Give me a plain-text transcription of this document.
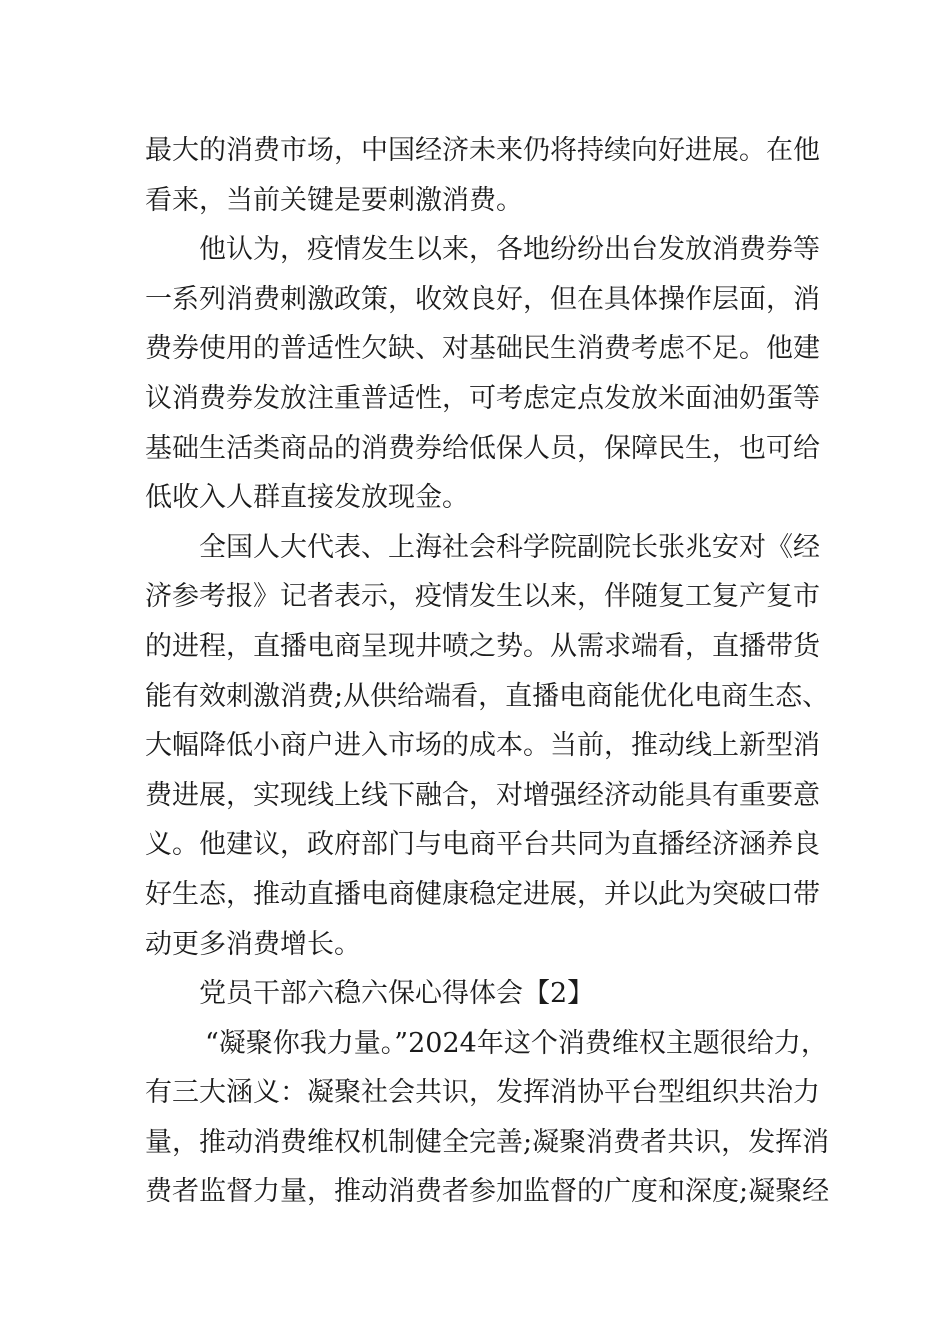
最大的消费市场，中国经济未来仍将持续向好进展。在他
看来，当前关键是要刺激消费。
他认为，疫情发生以来，各地纷纷出台发放消费券等
一系列消费刺激政策，收效良好，但在具体操作层面，消
费券使用的普适性欠缺、对基础民生消费考虑不足。他建
议消费券发放注重普适性，可考虑定点发放米面油奶蛋等
基础生活类商品的消费券给低保人员，保障民生，也可给
低收入人群直接发放现金。
全国人大代表、上海社会科学院副院长张兆安对《经
济参考报》记者表示，疫情发生以来，伴随复工复产复市
的进程，直播电商呈现井喷之势。从需求端看，直播带货
能有效刺激消费;从供给端看，直播电商能优化电商生态、
大幅降低小商户进入市场的成本。当前，推动线上新型消
费进展，实现线上线下融合，对增强经济动能具有重要意
义。他建议，政府部门与电商平台共同为直播经济涵养良
好生态，推动直播电商健康稳定进展，并以此为突破口带
动更多消费增长。
党员干部六稳六保心得体会【2】
“凝聚你我力量。”2024年这个消费维权主题很给力，
有三大涵义：凝聚社会共识，发挥消协平台型组织共治力
量，推动消费维权机制健全完善;凝聚消费者共识，发挥消
费者监督力量，推动消费者参加监督的广度和深度;凝聚经
